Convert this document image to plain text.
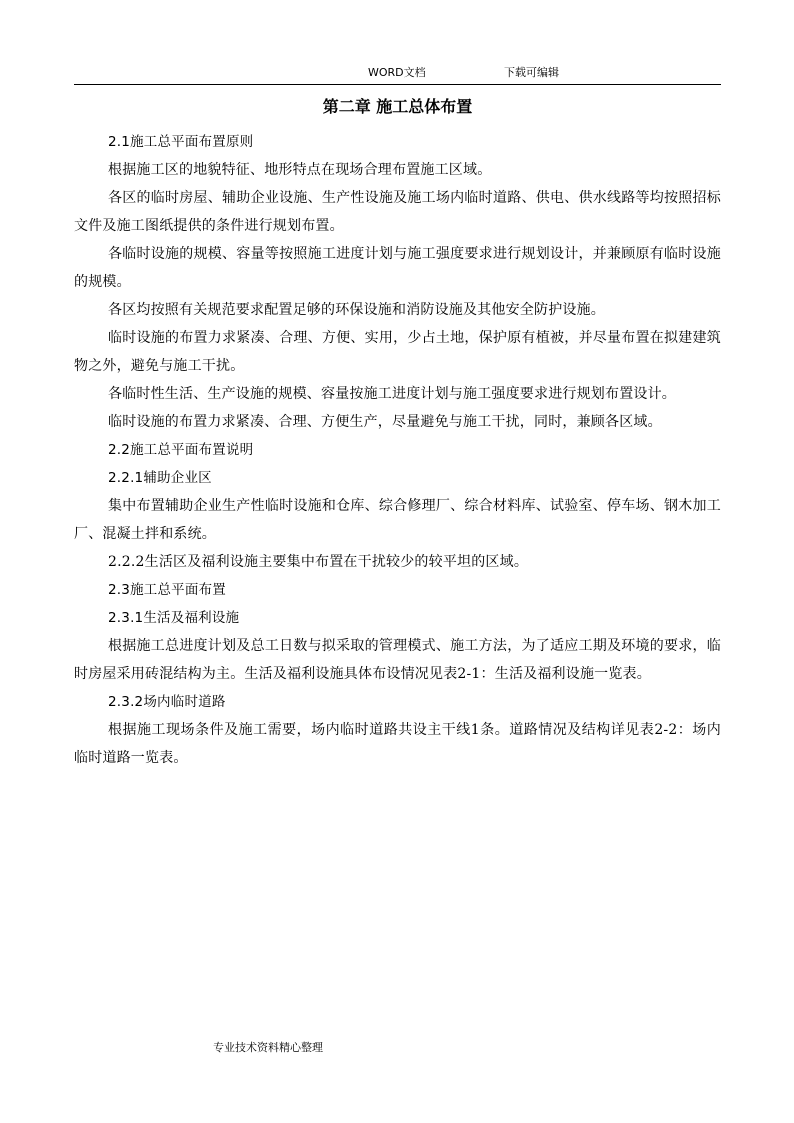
WORD文档	下载可编辑
第二章 施工总体布置

2.1施工总平面布置原则

根据施工区的地貌特征、地形特点在现场合理布置施工区域。

各区的临时房屋、辅助企业设施、生产性设施及施工场内临时道路、供电、供水线路等均按照招标文件及施工图纸提供的条件进行规划布置。

各临时设施的规模、容量等按照施工进度计划与施工强度要求进行规划设计，并兼顾原有临时设施的规模。

各区均按照有关规范要求配置足够的环保设施和消防设施及其他安全防护设施。

临时设施的布置力求紧凑、合理、方便、实用，少占土地，保护原有植被，并尽量布置在拟建建筑物之外，避免与施工干扰。

各临时性生活、生产设施的规模、容量按施工进度计划与施工强度要求进行规划布置设计。

临时设施的布置力求紧凑、合理、方便生产，尽量避免与施工干扰，同时，兼顾各区域。

2.2施工总平面布置说明

2.2.1辅助企业区

集中布置辅助企业生产性临时设施和仓库、综合修理厂、综合材料库、试验室、停车场、钢木加工厂、混凝土拌和系统。

2.2.2生活区及福利设施主要集中布置在干扰较少的较平坦的区域。

2.3施工总平面布置

2.3.1生活及福利设施

根据施工总进度计划及总工日数与拟采取的管理模式、施工方法，为了适应工期及环境的要求，临时房屋采用砖混结构为主。生活及福利设施具体布设情况见表2-1：生活及福利设施一览表。

2.3.2场内临时道路

根据施工现场条件及施工需要，场内临时道路共设主干线1条。道路情况及结构详见表2-2：场内临时道路一览表。

专业技术资料精心整理
